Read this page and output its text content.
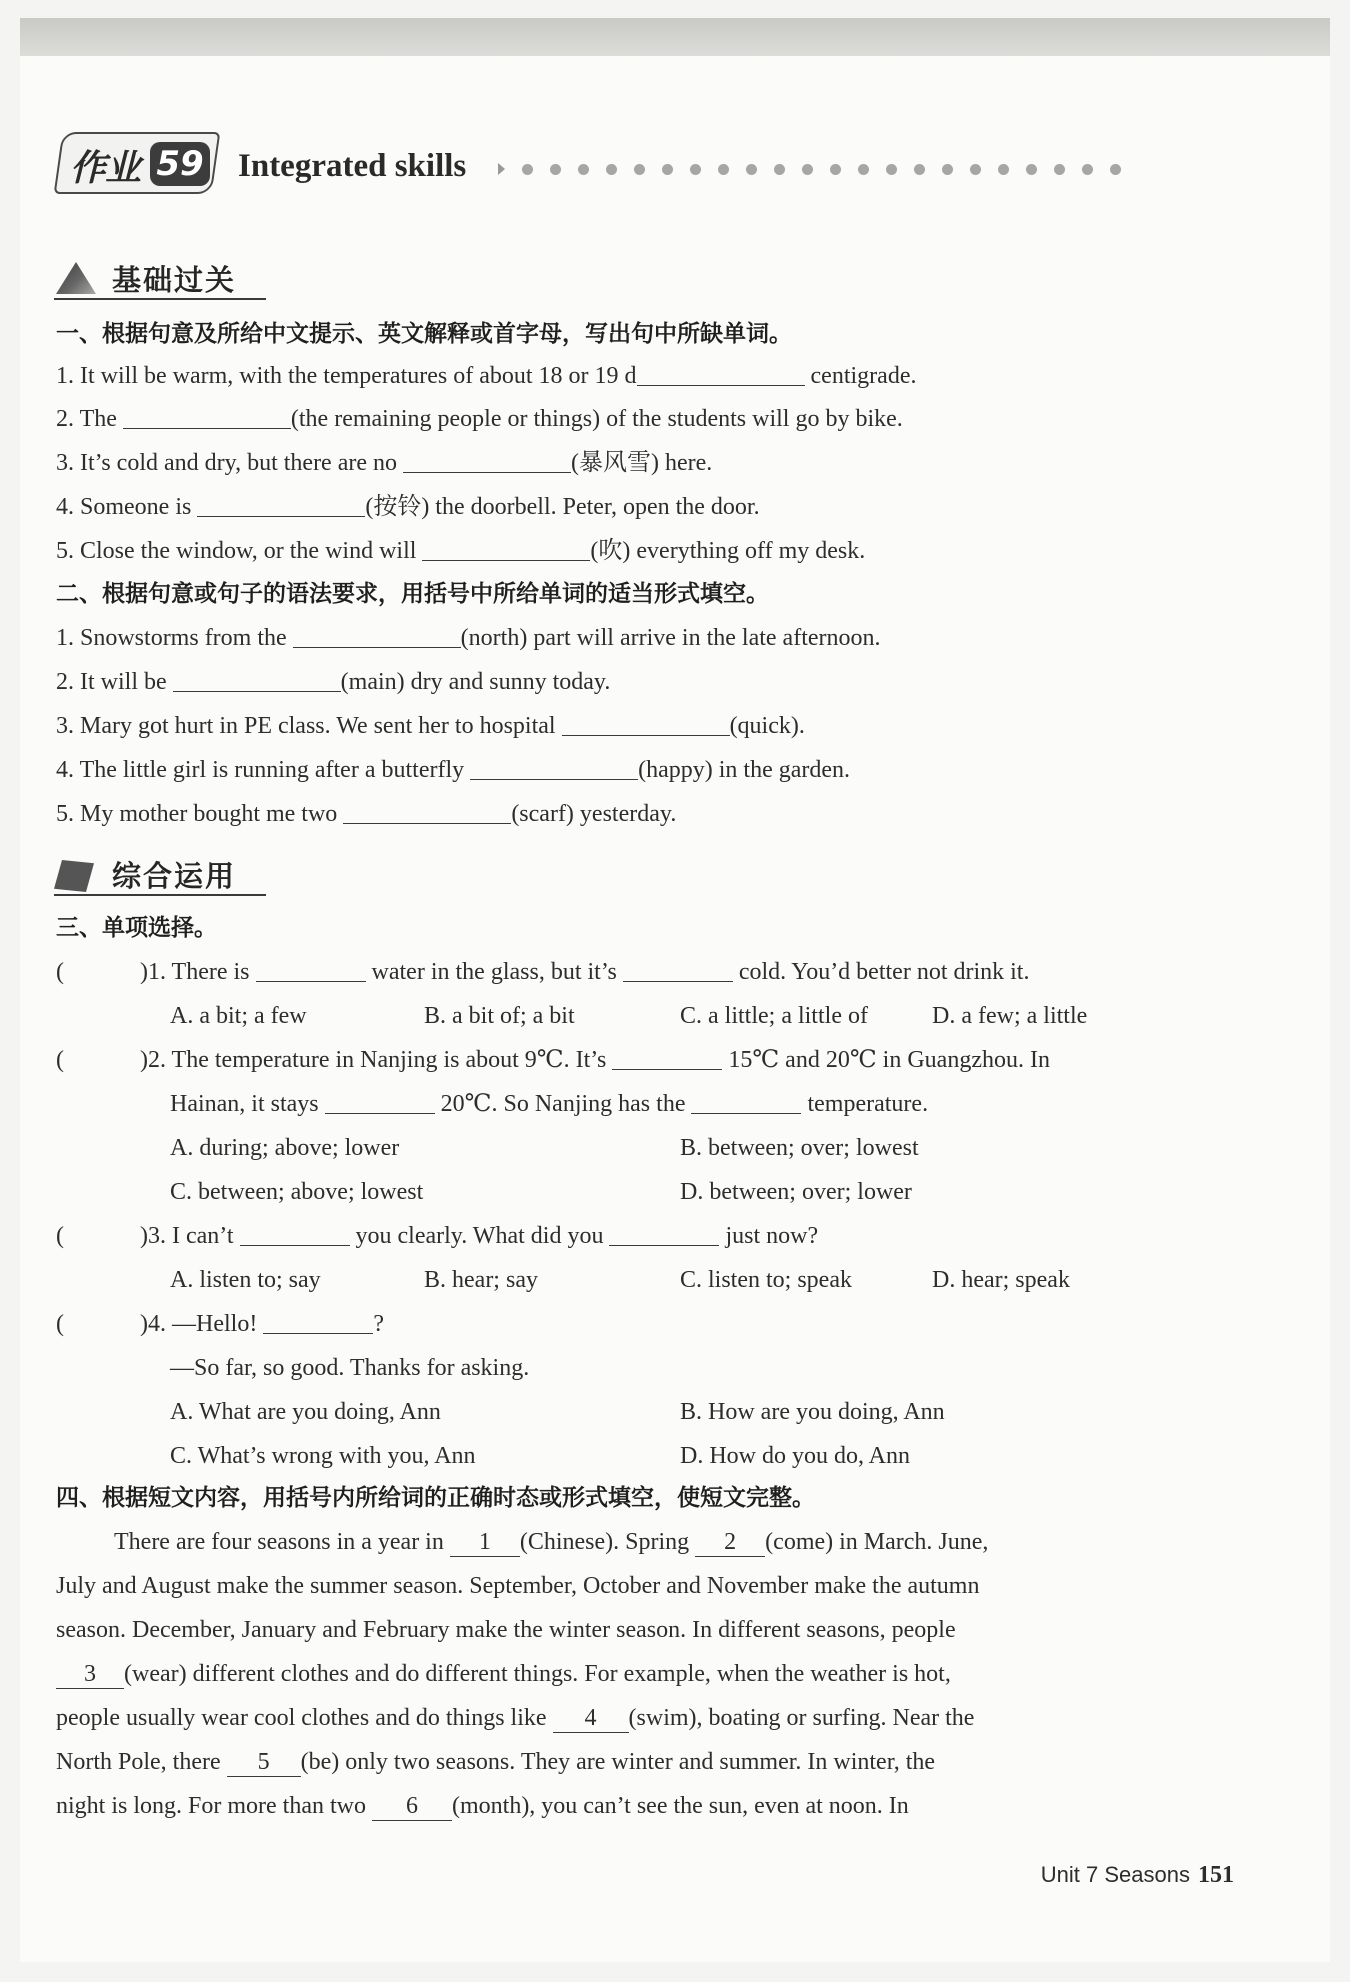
作业 59 Integrated skills
基础过关
一、根据句意及所给中文提示、英文解释或首字母，写出句中所缺单词。
1. It will be warm, with the temperatures of about 18 or 19 d	centigrade.
2. The	(the remaining people or things) of the students will go by bike.
3. It’s cold and dry, but there are no	(暴风雪) here.
4. Someone is	(按铃) the doorbell. Peter, open the door.
5. Close the window, or the wind will	(吹) everything off my desk.
二、根据句意或句子的语法要求，用括号中所给单词的适当形式填空。
1. Snowstorms from the	(north) part will arrive in the late afternoon.
2. It will be	(main) dry and sunny today.
3. Mary got hurt in PE class. We sent her to hospital	(quick).
4. The little girl is running after a butterfly	(happy) in the garden.
5. My mother bought me two	(scarf) yesterday.
综合运用
三、单项选择。
(	)1. There is	water in the glass, but it’s	cold. You’d better not drink it.
A. a bit; a few	B. a bit of; a bit	C. a little; a little of	D. a few; a little
(	)2. The temperature in Nanjing is about 9℃. It’s	15℃ and 20℃ in Guangzhou. In
Hainan, it stays	20℃. So Nanjing has the	temperature.
A. during; above; lower	B. between; over; lowest
C. between; above; lowest	D. between; over; lower
(	)3. I can’t	you clearly. What did you	just now?
A. listen to; say	B. hear; say	C. listen to; speak	D. hear; speak
(	)4. —Hello!	?
—So far, so good. Thanks for asking.
A. What are you doing, Ann	B. How are you doing, Ann
C. What’s wrong with you, Ann	D. How do you do, Ann
四、根据短文内容，用括号内所给词的正确时态或形式填空，使短文完整。
There are four seasons in a year in 1 (Chinese). Spring 2 (come) in March. June,
July and August make the summer season. September, October and November make the autumn
season. December, January and February make the winter season. In different seasons, people
3 (wear) different clothes and do different things. For example, when the weather is hot,
people usually wear cool clothes and do things like 4 (swim), boating or surfing. Near the
North Pole, there 5 (be) only two seasons. They are winter and summer. In winter, the
night is long. For more than two 6 (month), you can’t see the sun, even at noon. In
Unit 7 Seasons 151
